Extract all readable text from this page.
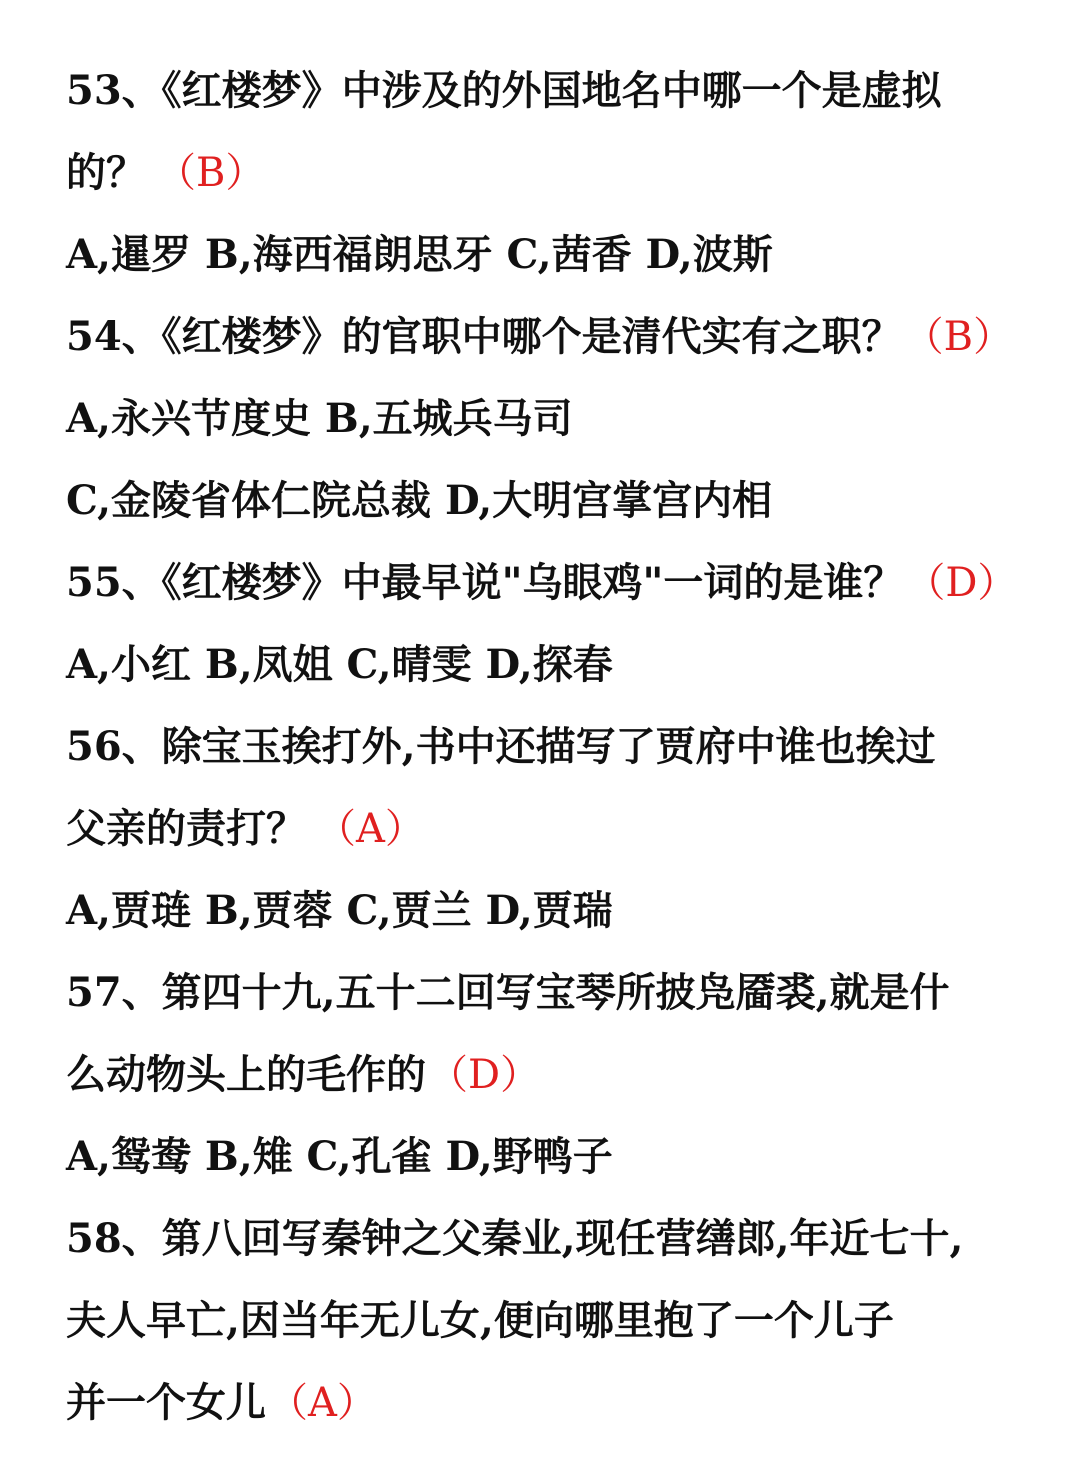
53、《红楼梦》中涉及的外国地名中哪一个是虚拟
的？ （B）
A,暹罗 B,海西福朗思牙 C,茜香 D,波斯
54、《红楼梦》的官职中哪个是清代实有之职？（B）
A,永兴节度史 B,五城兵马司
C,金陵省体仁院总裁 D,大明宫掌宫内相
55、《红楼梦》中最早说"乌眼鸡"一词的是谁？（D）
A,小红 B,凤姐 C,晴雯 D,探春
56、除宝玉挨打外,书中还描写了贾府中谁也挨过
父亲的责打？ （A）
A,贾琏 B,贾蓉 C,贾兰 D,贾瑞
57、第四十九,五十二回写宝琴所披凫靥裘,就是什
么动物头上的毛作的（D）
A,鸳鸯 B,雉 C,孔雀 D,野鸭子
58、第八回写秦钟之父秦业,现任营缮郎,年近七十,
夫人早亡,因当年无儿女,便向哪里抱了一个儿子
并一个女儿（A）
